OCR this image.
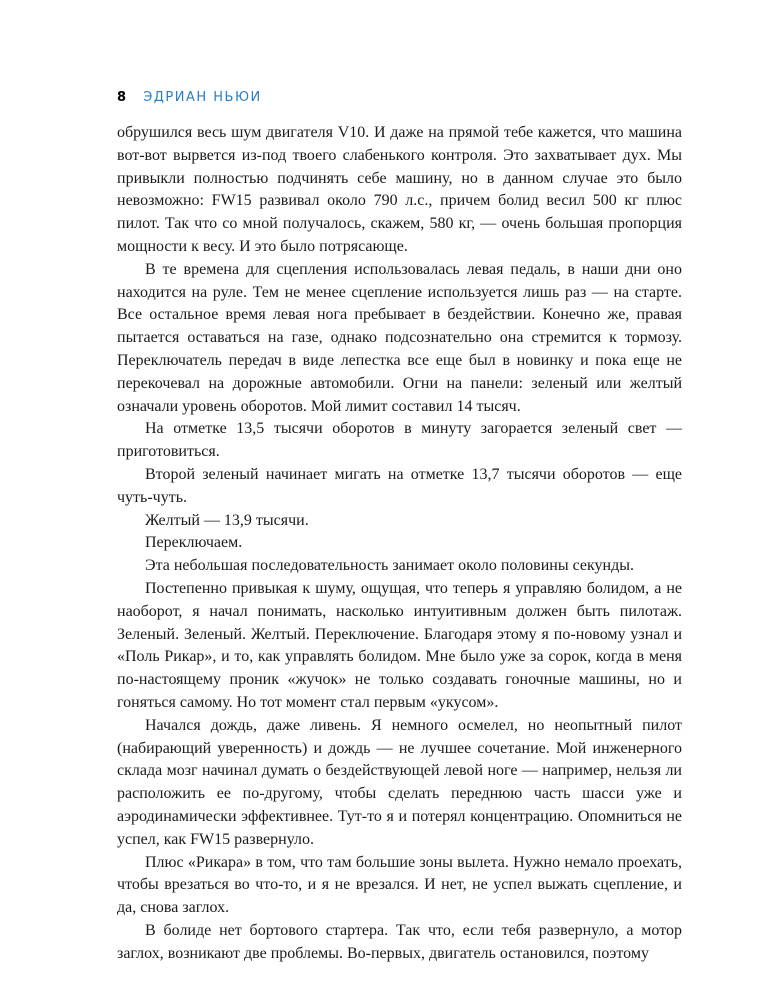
8 ЭДРИАН НЬЮИ

обрушился весь шум двигателя V10. И даже на прямой тебе кажется, что машина вот-вот вырвется из-под твоего слабенького контроля. Это захватывает дух. Мы привыкли полностью подчинять себе машину, но в данном случае это было невозможно: FW15 развивал около 790 л.с., причем болид весил 500 кг плюс пилот. Так что со мной получалось, скажем, 580 кг, — очень большая пропорция мощности к весу. И это было потрясающе.

В те времена для сцепления использовалась левая педаль, в наши дни оно находится на руле. Тем не менее сцепление используется лишь раз — на старте. Все остальное время левая нога пребывает в бездействии. Конечно же, правая пытается оставаться на газе, однако подсознательно она стремится к тормозу. Переключатель передач в виде лепестка все еще был в новинку и пока еще не перекочевал на дорожные автомобили. Огни на панели: зеленый или желтый означали уровень оборотов. Мой лимит составил 14 тысяч.

На отметке 13,5 тысячи оборотов в минуту загорается зеленый свет — приготовиться.

Второй зеленый начинает мигать на отметке 13,7 тысячи оборотов — еще чуть-чуть.

Желтый — 13,9 тысячи.

Переключаем.

Эта небольшая последовательность занимает около половины секунды.

Постепенно привыкая к шуму, ощущая, что теперь я управляю болидом, а не наоборот, я начал понимать, насколько интуитивным должен быть пилотаж. Зеленый. Зеленый. Желтый. Переключение. Благодаря этому я по-новому узнал и «Поль Рикар», и то, как управлять болидом. Мне было уже за сорок, когда в меня по-настоящему проник «жучок» не только создавать гоночные машины, но и гоняться самому. Но тот момент стал первым «укусом».

Начался дождь, даже ливень. Я немного осмелел, но неопытный пилот (набирающий уверенность) и дождь — не лучшее сочетание. Мой инженерного склада мозг начинал думать о бездействующей левой ноге — например, нельзя ли расположить ее по-другому, чтобы сделать переднюю часть шасси уже и аэродинамически эффективнее. Тут-то я и потерял концентрацию. Опомниться не успел, как FW15 развернуло.

Плюс «Рикара» в том, что там большие зоны вылета. Нужно немало проехать, чтобы врезаться во что-то, и я не врезался. И нет, не успел выжать сцепление, и да, снова заглох.

В болиде нет бортового стартера. Так что, если тебя развернуло, а мотор заглох, возникают две проблемы. Во-первых, двигатель остановился, поэтому
